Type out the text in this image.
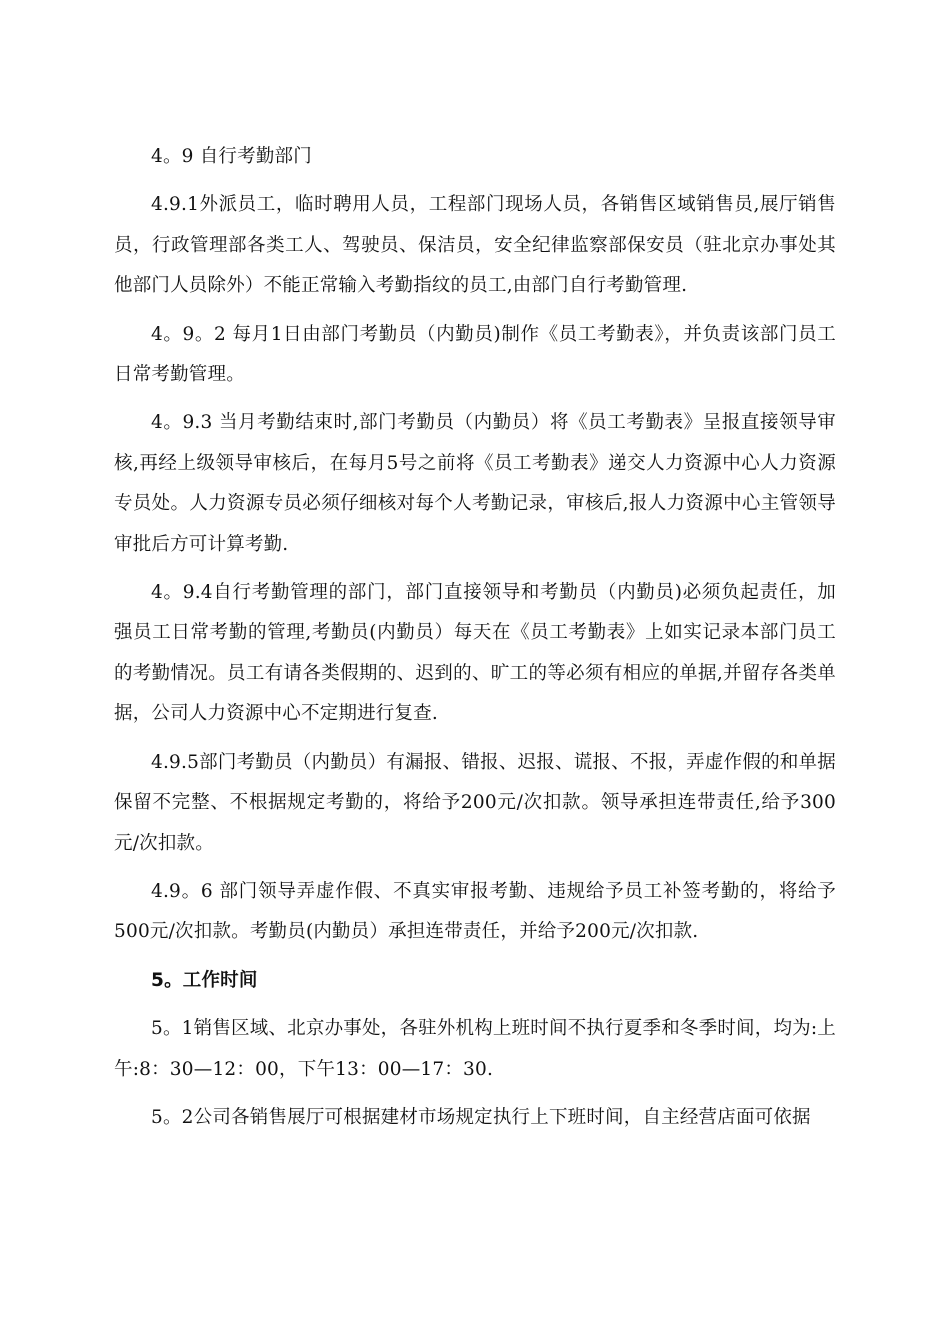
4。9 自行考勤部门

4.9.1外派员工，临时聘用人员，工程部门现场人员，各销售区域销售员,展厅销售员，行政管理部各类工人、驾驶员、保洁员，安全纪律监察部保安员（驻北京办事处其他部门人员除外）不能正常输入考勤指纹的员工,由部门自行考勤管理.

4。9。2 每月1日由部门考勤员（内勤员)制作《员工考勤表》，并负责该部门员工日常考勤管理。

4。9.3 当月考勤结束时,部门考勤员（内勤员）将《员工考勤表》呈报直接领导审核,再经上级领导审核后，在每月5号之前将《员工考勤表》递交人力资源中心人力资源专员处。人力资源专员必须仔细核对每个人考勤记录，审核后,报人力资源中心主管领导审批后方可计算考勤.

4。9.4自行考勤管理的部门，部门直接领导和考勤员（内勤员)必须负起责任，加强员工日常考勤的管理,考勤员(内勤员）每天在《员工考勤表》上如实记录本部门员工的考勤情况。员工有请各类假期的、迟到的、旷工的等必须有相应的单据,并留存各类单据，公司人力资源中心不定期进行复查.

4.9.5部门考勤员（内勤员）有漏报、错报、迟报、谎报、不报，弄虚作假的和单据保留不完整、不根据规定考勤的，将给予200元/次扣款。领导承担连带责任,给予300元/次扣款。

4.9。6 部门领导弄虚作假、不真实审报考勤、违规给予员工补签考勤的，将给予500元/次扣款。考勤员(内勤员）承担连带责任，并给予200元/次扣款.

5。工作时间

5。1销售区域、北京办事处，各驻外机构上班时间不执行夏季和冬季时间，均为:上午:8：30—12：00，下午13：00—17：30.

5。2公司各销售展厅可根据建材市场规定执行上下班时间，自主经营店面可依据
